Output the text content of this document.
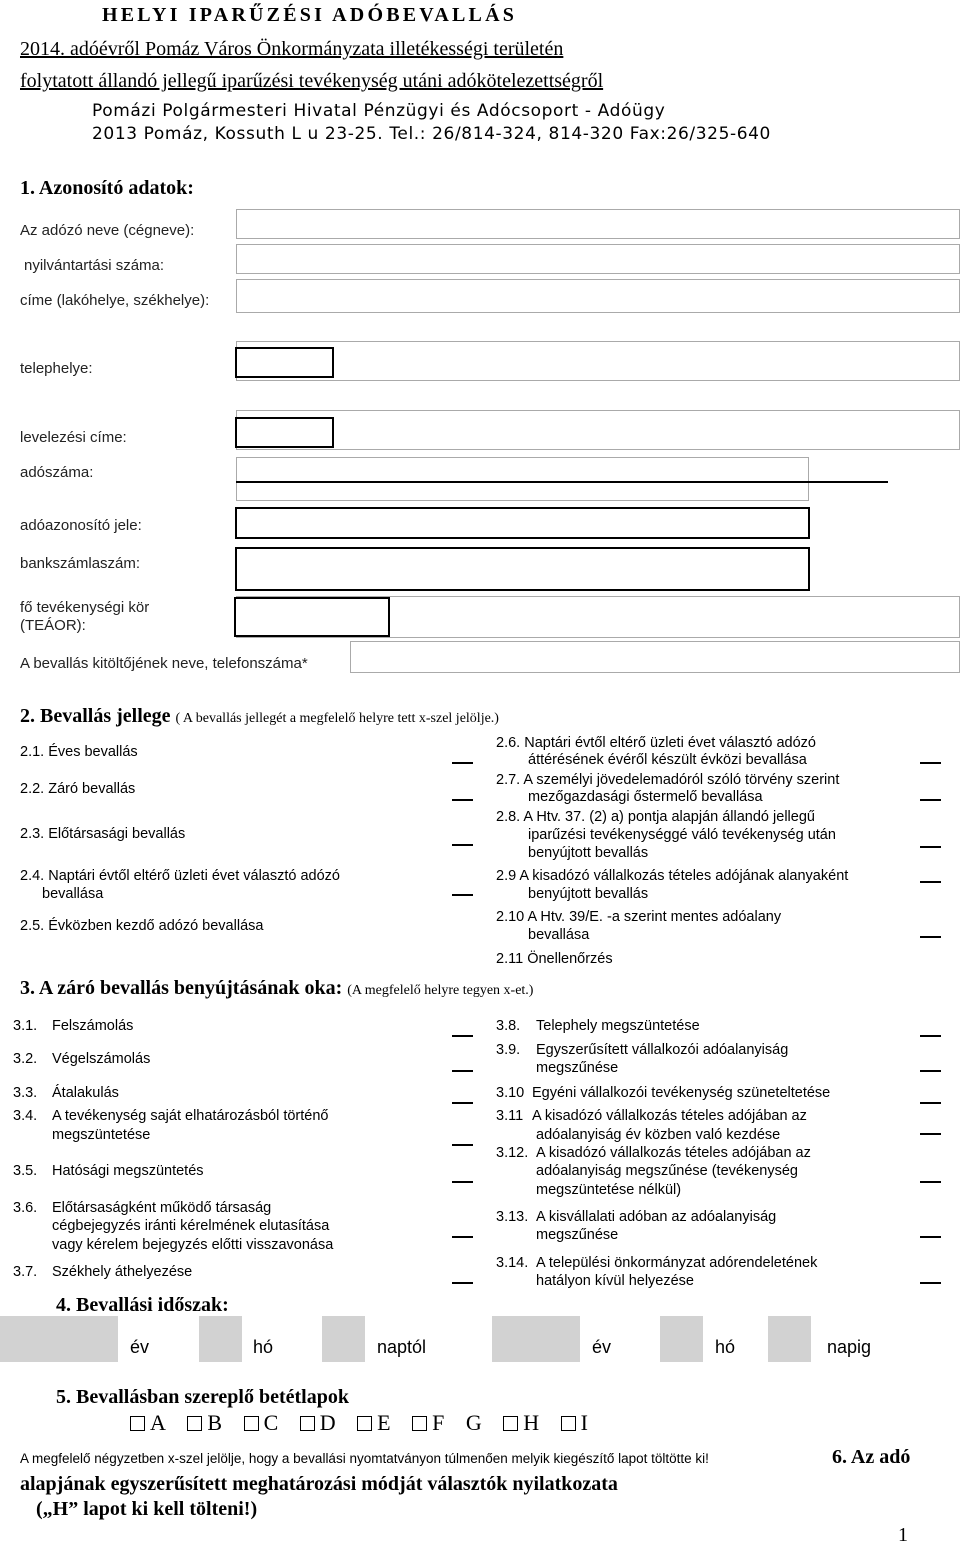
HELYI IPARŰZÉSI ADÓBEVALLÁS
2014. adóévről Pomáz Város Önkormányzata illetékességi területén
folytatott állandó jellegű iparűzési tevékenység utáni adókötelezettségről
Pomázi Polgármesteri Hivatal Pénzügyi és Adócsoport - Adóügy
2013 Pomáz, Kossuth L u 23-25. Tel.: 26/814-324, 814-320 Fax:26/325-640
1. Azonosító adatok:
Az adózó neve (cégneve):
nyilvántartási száma:
címe (lakóhelye, székhelye):
telephelye:
levelezési címe:
adószáma:
adóazonosító jele:
bankszámlaszám:
fő tevékenységi kör
(TEÁOR):
A bevallás kitöltőjének neve, telefonszáma*
2. Bevallás jellege ( A bevallás jellegét a megfelelő helyre tett x-szel jelölje.)
2.1. Éves bevallás
2.2. Záró bevallás
2.3. Előtársasági bevallás
2.4. Naptári évtől eltérő üzleti évet választó adózó
bevallása
2.5. Évközben kezdő adózó bevallása
2.6. Naptári évtől eltérő üzleti évet választó adózó
áttérésének évéről készült évközi bevallása
2.7. A személyi jövedelemadóról szóló törvény szerint
mezőgazdasági őstermelő bevallása
2.8. A Htv. 37. (2) a) pontja alapján állandó jellegű
iparűzési tevékenységgé váló tevékenység után
benyújtott bevallás
2.9 A kisadózó vállalkozás tételes adójának alanyaként
benyújtott bevallás
2.10 A Htv. 39/E. -a szerint mentes adóalany
bevallása
2.11 Önellenőrzés
3. A záró bevallás benyújtásának oka: (A megfelelő helyre tegyen x-et.)
3.1. Felszámolás
3.2. Végelszámolás
3.3. Átalakulás
3.4. A tevékenység saját elhatározásból történő
megszüntetése
3.5. Hatósági megszüntetés
3.6. Előtársaságként működő társaság
cégbejegyzés iránti kérelmének elutasítása
vagy kérelem bejegyzés előtti visszavonása
3.7. Székhely áthelyezése
3.8. Telephely megszüntetése
3.9. Egyszerűsített vállalkozói adóalanyiság
megszűnése
3.10 Egyéni vállalkozói tevékenység szüneteltetése
3.11 A kisadózó vállalkozás tételes adójában az
adóalanyiság év közben való kezdése
3.12. A kisadózó vállalkozás tételes adójában az
adóalanyiság megszűnése (tevékenység
megszüntetése nélkül)
3.13. A kisvállalati adóban az adóalanyiság
megszűnése
3.14. A települési önkormányzat adórendeletének
hatályon kívül helyezése
4. Bevallási időszak:
év	hó	naptól	év	hó	napig
5. Bevallásban szereplő betétlapok
A B C D E F G H I
A megfelelő négyzetben x-szel jelölje, hogy a bevallási nyomtatványon túlmenően melyik kiegészítő lapot töltötte ki!	6. Az adó
alapjának egyszerűsített meghatározási módját választók nyilatkozata
(„H” lapot ki kell tölteni!)
1
